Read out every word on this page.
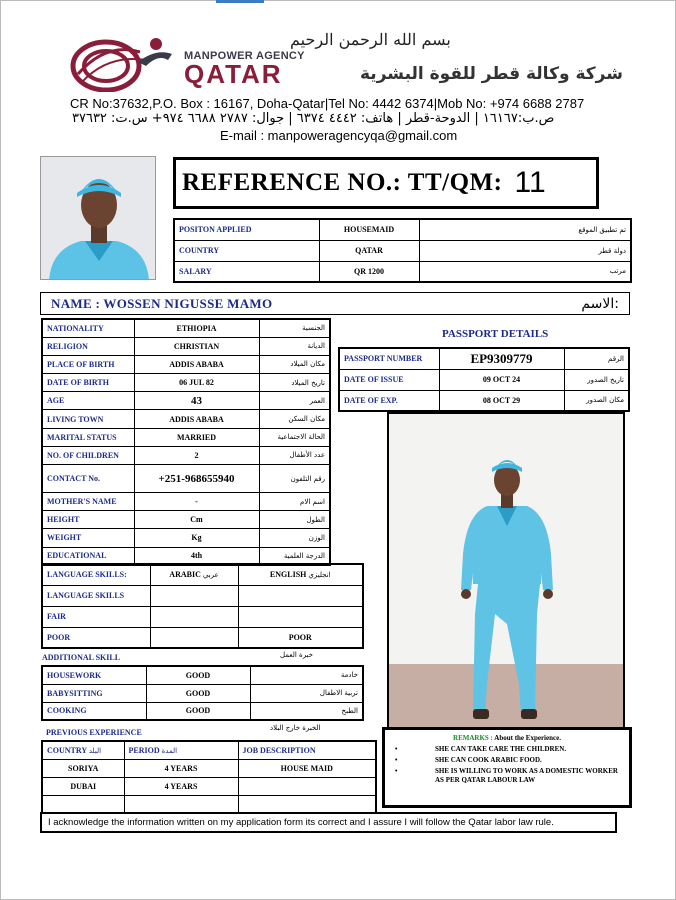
بسم الله الرحمن الرحيم
MANPOWER AGENCY
QATAR	شركة وكالة قطر للقوة البشرية
CR No:37632,P.O. Box : 16167, Doha-Qatar|Tel No: 4442 6374|Mob No: +974 6688 2787
ص.ب:١٦١٦٧ | الدوحة-قطر | هاتف: ٤٤٤٢ ٦٣٧٤ | جوال: ٢٧٨٧ ٦٦٨٨ ٩٧٤+ س.ت: ٣٧٦٣٢
E-mail : manpoweragencyqa@gmail.com
REFERENCE NO.: TT/QM: 11
POSITON APPLIED	HOUSEMAID	تم تطبيق الموقع
COUNTRY	QATAR	دولة قطر
SALARY	QR 1200	مرتب
NAME : WOSSEN NIGUSSE MAMO	الاسم:
NATIONALITY	ETHIOPIA	الجنسية
RELIGION	CHRISTIAN	الديانة
PLACE OF BIRTH	ADDIS ABABA	مكان الميلاد
DATE OF BIRTH	06 JUL 82	تاريخ الميلاد
AGE	43	العمر
LIVING TOWN	ADDIS ABABA	مكان السكن
MARITAL STATUS	MARRIED	الحالة الاجتماعية
NO. OF CHILDREN	2	عدد الأطفال
CONTACT No.	+251-968655940	رقم التلفون
MOTHER'S NAME	-	اسم الام
HEIGHT	Cm	الطول
WEIGHT	Kg	الوزن
EDUCATIONAL	4th	الدرجة العلمية
PASSPORT DETAILS
PASSPORT NUMBER	EP9309779	الرقم
DATE OF ISSUE	09 OCT 24	تاريخ الصدور
DATE OF EXP.	08 OCT 29	مكان الصدور
LANGUAGE SKILLS:	ARABIC عربي	ENGLISH انجليزي
LANGUAGE SKILLS		
FAIR		
POOR		POOR
ADDITIONAL SKILL	خبرة العمل
HOUSEWORK	GOOD	خادمة
BABYSITTING	GOOD	تربية الاطفال
COOKING	GOOD	الطبخ
PREVIOUS EXPERIENCE	الخبرة خارج البلاد
COUNTRY البلد	PERIOD المدة	JOB DESCRIPTION
SORIYA	4 YEARS	HOUSE MAID
DUBAI	4 YEARS	

REMARKS : About the Experience.
• SHE CAN TAKE CARE THE CHILDREN.
• SHE CAN COOK ARABIC FOOD.
• SHE IS WILLING TO WORK AS A DOMESTIC WORKER AS PER QATAR LABOUR LAW
I acknowledge the information written on my application form its correct and I assure I will follow the Qatar labor law rule.
